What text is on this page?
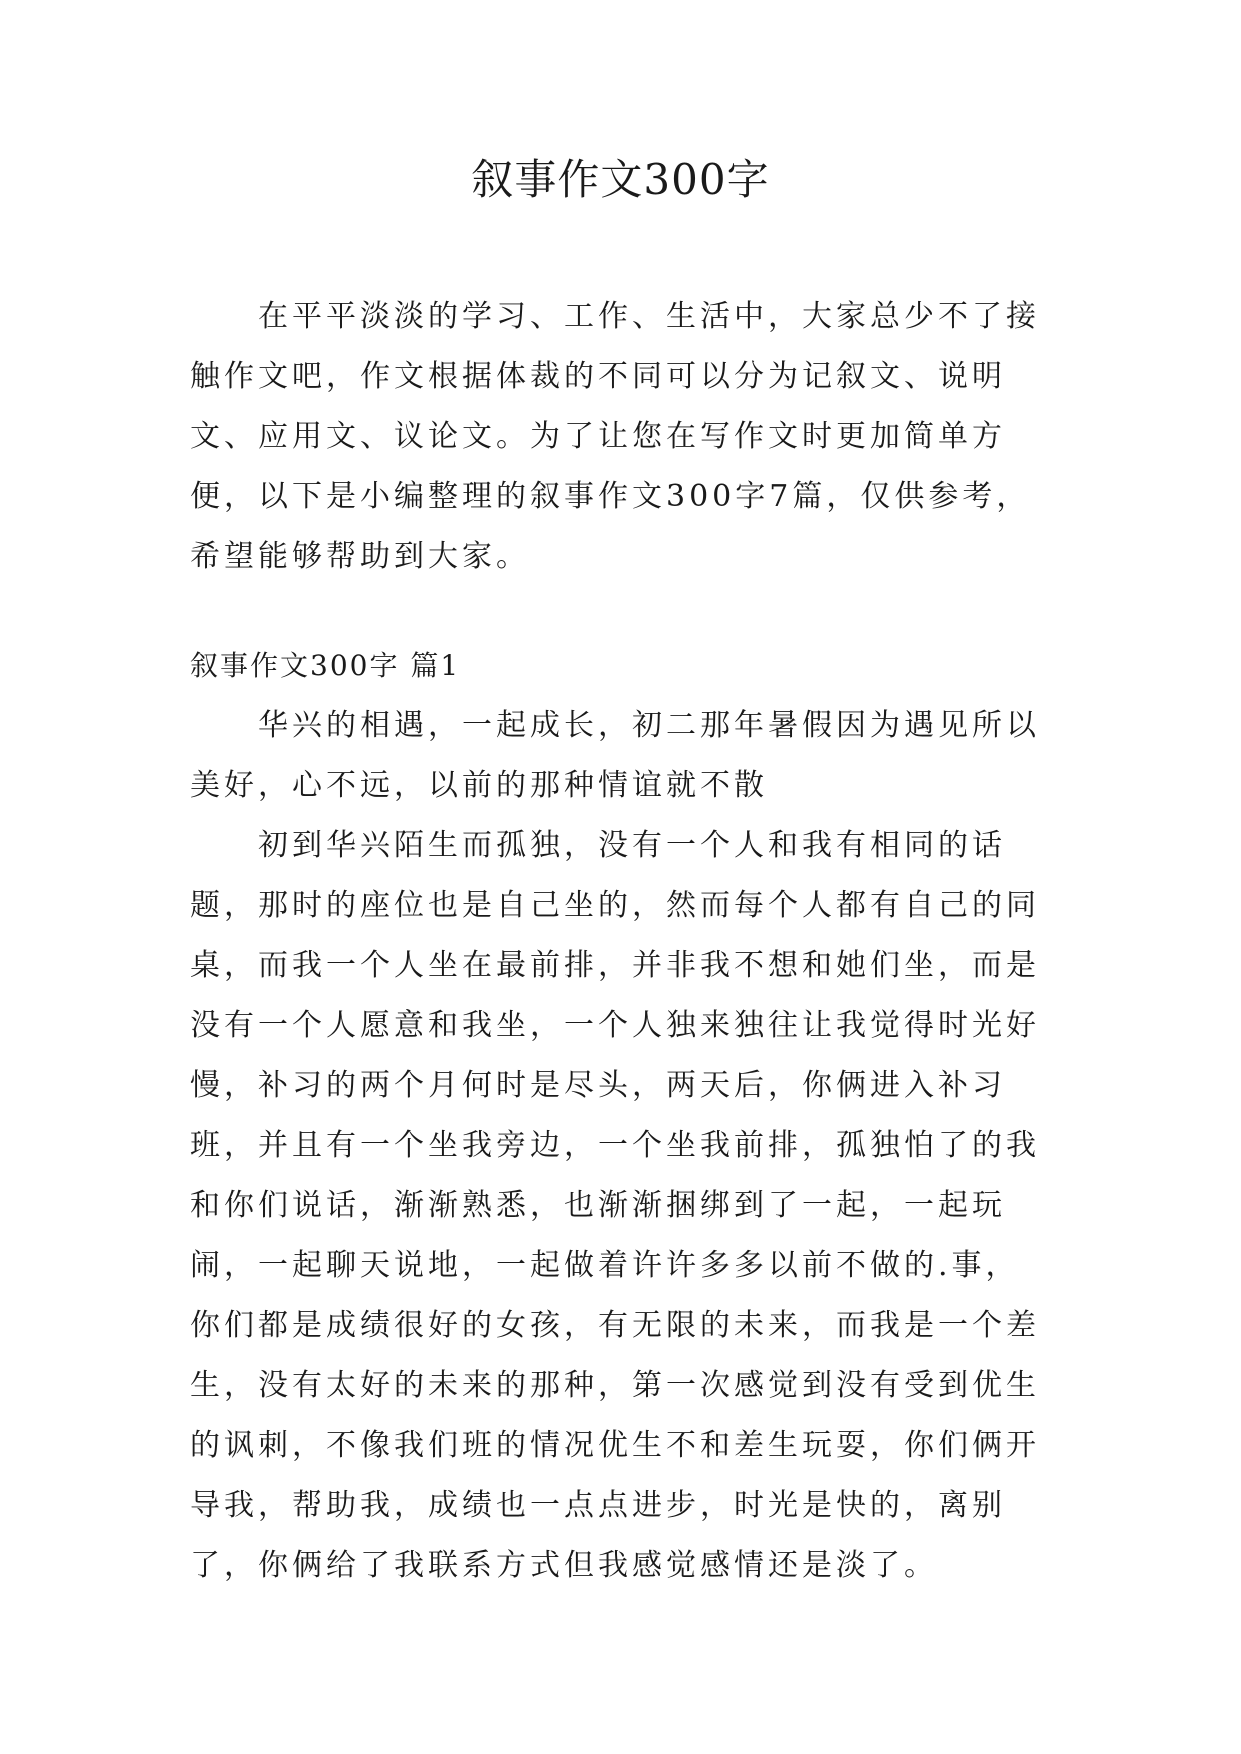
叙事作文300字

在平平淡淡的学习、工作、生活中，大家总少不了接触作文吧，作文根据体裁的不同可以分为记叙文、说明文、应用文、议论文。为了让您在写作文时更加简单方便，以下是小编整理的叙事作文300字7篇，仅供参考，希望能够帮助到大家。

叙事作文300字 篇1

华兴的相遇，一起成长，初二那年暑假因为遇见所以美好，心不远，以前的那种情谊就不散

初到华兴陌生而孤独，没有一个人和我有相同的话题，那时的座位也是自己坐的，然而每个人都有自己的同桌，而我一个人坐在最前排，并非我不想和她们坐，而是没有一个人愿意和我坐，一个人独来独往让我觉得时光好慢，补习的两个月何时是尽头，两天后，你俩进入补习班，并且有一个坐我旁边，一个坐我前排，孤独怕了的我和你们说话，渐渐熟悉，也渐渐捆绑到了一起，一起玩闹，一起聊天说地，一起做着许许多多以前不做的.事，你们都是成绩很好的女孩，有无限的未来，而我是一个差生，没有太好的未来的那种，第一次感觉到没有受到优生的讽刺，不像我们班的情况优生不和差生玩耍，你们俩开导我，帮助我，成绩也一点点进步，时光是快的，离别了，你俩给了我联系方式但我感觉感情还是淡了。
